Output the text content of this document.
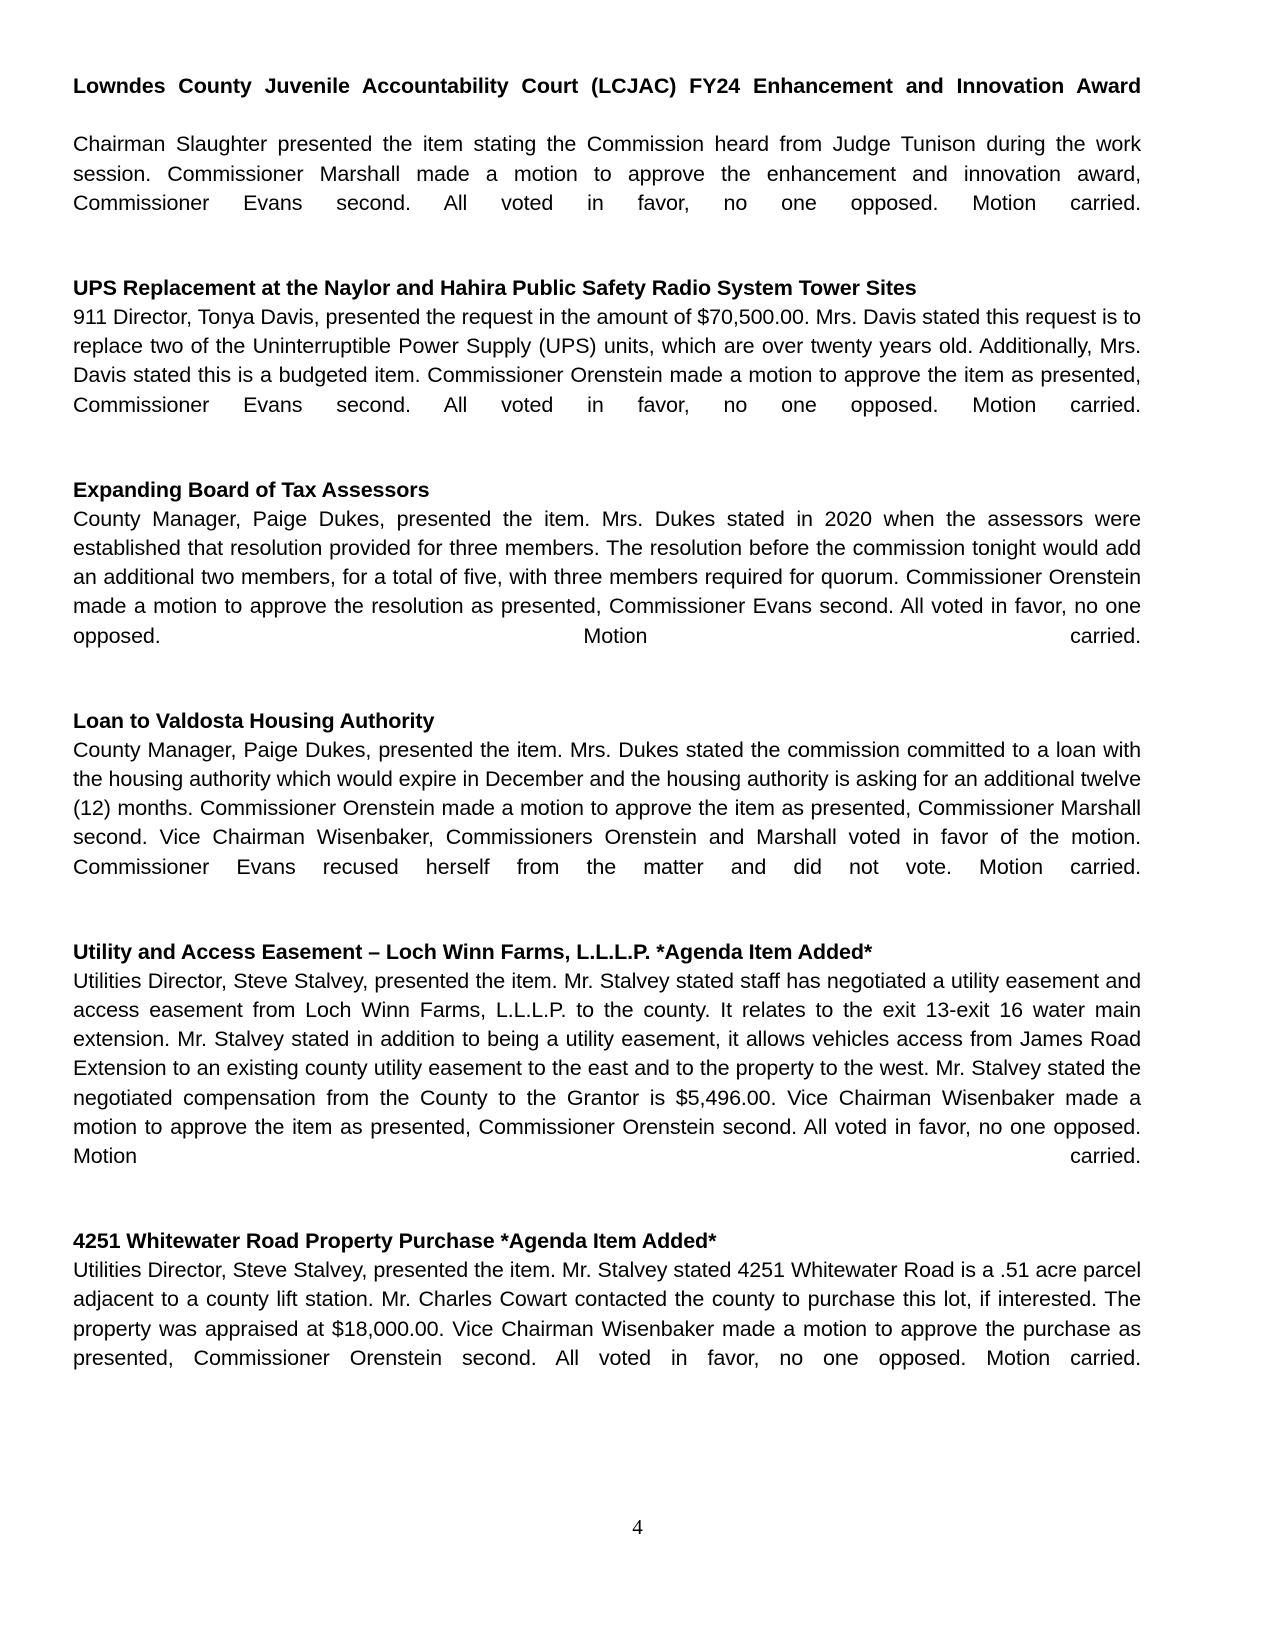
Lowndes County Juvenile Accountability Court (LCJAC) FY24 Enhancement and Innovation Award
Chairman Slaughter presented the item stating the Commission heard from Judge Tunison during the work session. Commissioner Marshall made a motion to approve the enhancement and innovation award, Commissioner Evans second. All voted in favor, no one opposed. Motion carried.
UPS Replacement at the Naylor and Hahira Public Safety Radio System Tower Sites
911 Director, Tonya Davis, presented the request in the amount of $70,500.00. Mrs. Davis stated this request is to replace two of the Uninterruptible Power Supply (UPS) units, which are over twenty years old. Additionally, Mrs. Davis stated this is a budgeted item. Commissioner Orenstein made a motion to approve the item as presented, Commissioner Evans second. All voted in favor, no one opposed. Motion carried.
Expanding Board of Tax Assessors
County Manager, Paige Dukes, presented the item. Mrs. Dukes stated in 2020 when the assessors were established that resolution provided for three members. The resolution before the commission tonight would add an additional two members, for a total of five, with three members required for quorum. Commissioner Orenstein made a motion to approve the resolution as presented, Commissioner Evans second. All voted in favor, no one opposed. Motion carried.
Loan to Valdosta Housing Authority
County Manager, Paige Dukes, presented the item. Mrs. Dukes stated the commission committed to a loan with the housing authority which would expire in December and the housing authority is asking for an additional twelve (12) months. Commissioner Orenstein made a motion to approve the item as presented, Commissioner Marshall second. Vice Chairman Wisenbaker, Commissioners Orenstein and Marshall voted in favor of the motion. Commissioner Evans recused herself from the matter and did not vote. Motion carried.
Utility and Access Easement – Loch Winn Farms, L.L.L.P. *Agenda Item Added*
Utilities Director, Steve Stalvey, presented the item. Mr. Stalvey stated staff has negotiated a utility easement and access easement from Loch Winn Farms, L.L.L.P. to the county. It relates to the exit 13-exit 16 water main extension. Mr. Stalvey stated in addition to being a utility easement, it allows vehicles access from James Road Extension to an existing county utility easement to the east and to the property to the west. Mr. Stalvey stated the negotiated compensation from the County to the Grantor is $5,496.00. Vice Chairman Wisenbaker made a motion to approve the item as presented, Commissioner Orenstein second. All voted in favor, no one opposed. Motion carried.
4251 Whitewater Road Property Purchase *Agenda Item Added*
Utilities Director, Steve Stalvey, presented the item. Mr. Stalvey stated 4251 Whitewater Road is a .51 acre parcel adjacent to a county lift station. Mr. Charles Cowart contacted the county to purchase this lot, if interested. The property was appraised at $18,000.00. Vice Chairman Wisenbaker made a motion to approve the purchase as presented, Commissioner Orenstein second. All voted in favor, no one opposed. Motion carried.
4
